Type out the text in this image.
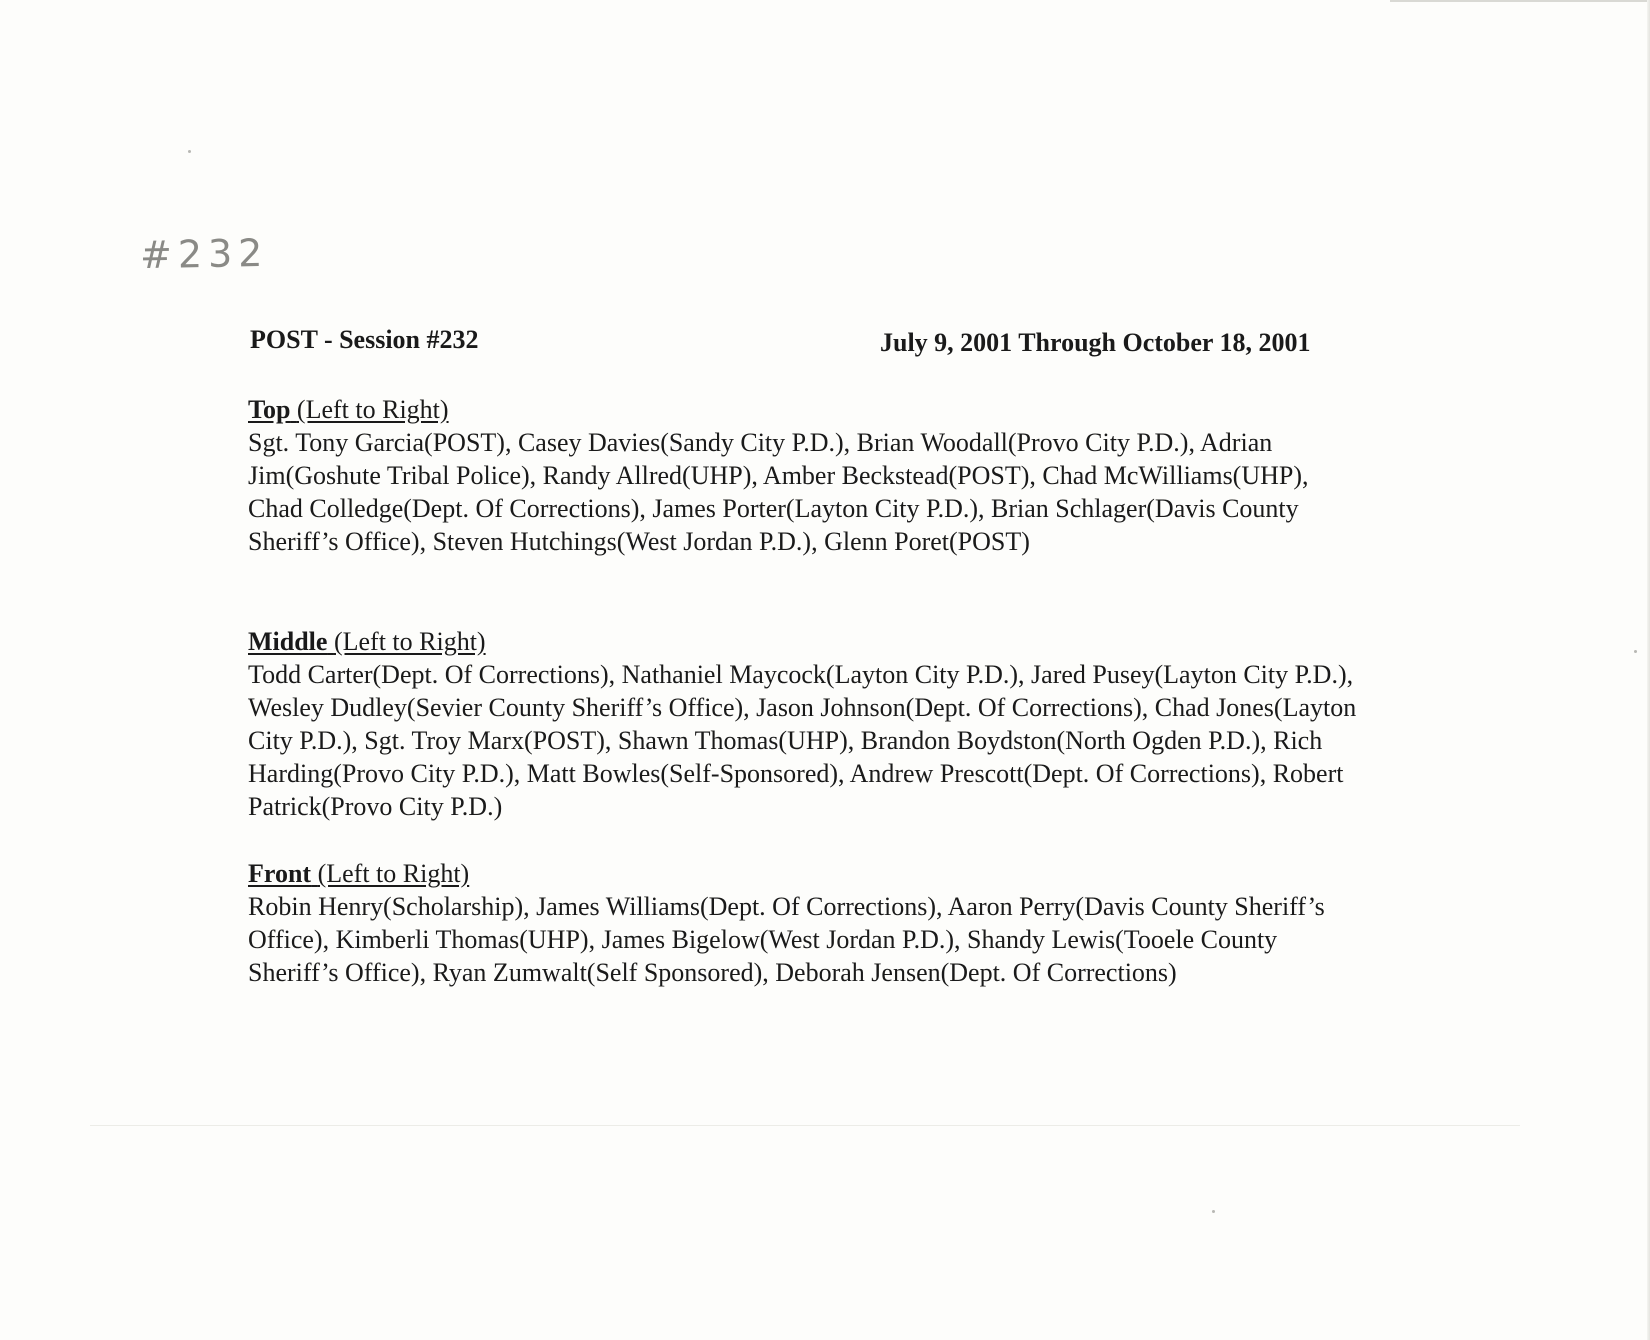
#232
POST - Session #232	July 9, 2001 Through October 18, 2001
Top (Left to Right)

Sgt. Tony Garcia(POST), Casey Davies(Sandy City P.D.), Brian Woodall(Provo City P.D.), Adrian Jim(Goshute Tribal Police), Randy Allred(UHP), Amber Beckstead(POST), Chad McWilliams(UHP), Chad Colledge(Dept. Of Corrections), James Porter(Layton City P.D.), Brian Schlager(Davis County Sheriff’s Office), Steven Hutchings(West Jordan P.D.), Glenn Poret(POST)

Middle (Left to Right)

Todd Carter(Dept. Of Corrections), Nathaniel Maycock(Layton City P.D.), Jared Pusey(Layton City P.D.), Wesley Dudley(Sevier County Sheriff’s Office), Jason Johnson(Dept. Of Corrections), Chad Jones(Layton City P.D.), Sgt. Troy Marx(POST), Shawn Thomas(UHP), Brandon Boydston(North Ogden P.D.), Rich Harding(Provo City P.D.), Matt Bowles(Self-Sponsored), Andrew Prescott(Dept. Of Corrections), Robert Patrick(Provo City P.D.)

Front (Left to Right)

Robin Henry(Scholarship), James Williams(Dept. Of Corrections), Aaron Perry(Davis County Sheriff’s Office), Kimberli Thomas(UHP), James Bigelow(West Jordan P.D.), Shandy Lewis(Tooele County Sheriff’s Office), Ryan Zumwalt(Self Sponsored), Deborah Jensen(Dept. Of Corrections)
